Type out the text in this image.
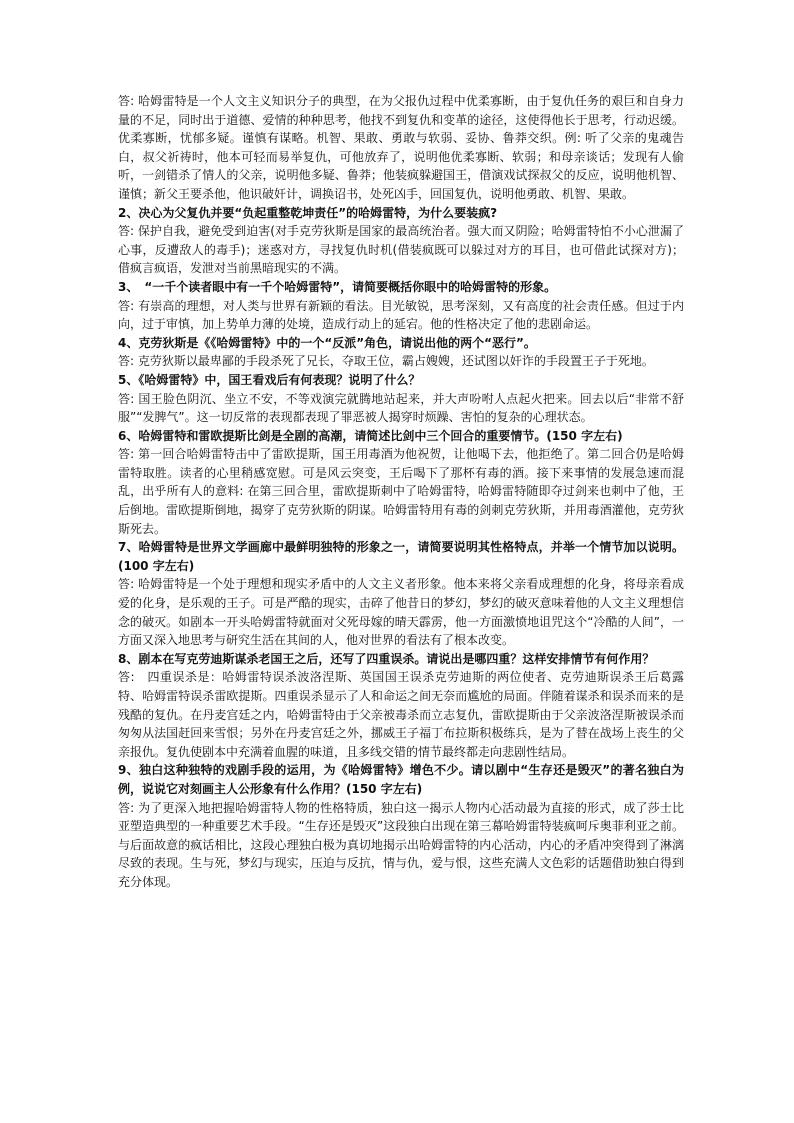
答: 哈姆雷特是一个人文主义知识分子的典型，在为父报仇过程中优柔寡断，由于复仇任务的艰巨和自身力量的不足，同时出于道德、爱情的种种思考，他找不到复仇和变革的途径，这使得他长于思考，行动迟缓。优柔寡断，忧郁多疑。谨慎有谋略。机智、果敢、勇敢与软弱、妥协、鲁莽交织。例: 听了父亲的鬼魂告白，叔父祈祷时，他本可轻而易举复仇，可他放弃了，说明他优柔寡断、软弱；和母亲谈话；发现有人偷听，一剑错杀了情人的父亲，说明他多疑、鲁莽；他装疯躲避国王，借演戏试探叔父的反应，说明他机智、谨慎；新父王要杀他，他识破奸计，调换诏书，处死凶手，回国复仇，说明他勇敢、机智、果敢。

2、决心为父复仇并要“负起重整乾坤责任”的哈姆雷特，为什么要装疯?

答: 保护自我，避免受到迫害(对手克劳狄斯是国家的最高统治者。强大而又阴险；哈姆雷特怕不小心泄漏了心事，反遭敌人的毒手)；迷惑对方，寻找复仇时机(借装疯既可以躲过对方的耳目，也可借此试探对方)；借疯言疯语，发泄对当前黑暗现实的不满。

3、　“一千个读者眼中有一千个哈姆雷特”，请简要概括你眼中的哈姆雷特的形象。

答: 有崇高的理想，对人类与世界有新颖的看法。目光敏锐，思考深刻，又有高度的社会责任感。但过于内向，过于审慎，加上势单力薄的处境，造成行动上的延宕。他的性格决定了他的悲剧命运。

4、克劳狄斯是《《哈姆雷特》中的一个“反派”角色，请说出他的两个“恶行”。

答: 克劳狄斯以最卑鄙的手段杀死了兄长，夺取王位，霸占嫂嫂，还试图以奸诈的手段置王子于死地。

5、《哈姆雷特》中，国王看戏后有何表现？说明了什么？

答: 国王脸色阴沉、坐立不安，不等戏演完就腾地站起来，并大声吩咐人点起火把来。回去以后“非常不舒服”“发脾气”。这一切反常的表现都表现了罪恶被人揭穿时烦躁、害怕的复杂的心理状态。

6、哈姆雷特和雷欧提斯比剑是全剧的高潮，请简述比剑中三个回合的重要情节。(150 字左右)

答: 第一回合哈姆雷特击中了雷欧提斯，国王用毒酒为他祝贺，让他喝下去，他拒绝了。第二回合仍是哈姆雷特取胜。读者的心里稍感宽慰。可是风云突变，王后喝下了那杯有毒的酒。接下来事情的发展急速而混乱，出乎所有人的意料: 在第三回合里，雷欧提斯刺中了哈姆雷特，哈姆雷特随即夺过剑来也刺中了他，王后倒地。雷欧提斯倒地，揭穿了克劳狄斯的阴谋。哈姆雷特用有毒的剑刺克劳狄斯，并用毒酒灌他，克劳狄斯死去。

7、哈姆雷特是世界文学画廊中最鲜明独特的形象之一，请简要说明其性格特点，并举一个情节加以说明。(100 字左右)

答: 哈姆雷特是一个处于理想和现实矛盾中的人文主义者形象。他本来将父亲看成理想的化身，将母亲看成爱的化身，是乐观的王子。可是严酷的现实，击碎了他昔日的梦幻，梦幻的破灭意味着他的人文主义理想信念的破灭。如剧本一开头哈姆雷特就面对父死母嫁的晴天霹雳，他一方面激愤地诅咒这个“冷酷的人间”，一方面又深入地思考与研究生活在其间的人，他对世界的看法有了根本改变。

8、剧本在写克劳迪斯谋杀老国王之后，还写了四重误杀。请说出是哪四重？这样安排情节有何作用？

答:　四重误杀是：哈姆雷特误杀波洛涅斯、英国国王误杀克劳迪斯的两位使者、克劳迪斯误杀王后葛露特、哈姆雷特误杀雷欧提斯。四重误杀显示了人和命运之间无奈而尴尬的局面。伴随着谋杀和误杀而来的是残酷的复仇。在丹麦宫廷之内，哈姆雷特由于父亲被毒杀而立志复仇，雷欧提斯由于父亲波洛涅斯被误杀而匆匆从法国赶回来雪恨；另外在丹麦宫廷之外，挪威王子福丁布拉斯积极练兵，是为了替在战场上丧生的父亲报仇。复仇使剧本中充满着血腥的味道，且多线交错的情节最终都走向悲剧性结局。

9、独白这种独特的戏剧手段的运用，为《哈姆雷特》增色不少。请以剧中“生存还是毁灭”的著名独白为例，说说它对刻画主人公形象有什么作用？(150 字左右)

答: 为了更深入地把握哈姆雷特人物的性格特质，独白这一揭示人物内心活动最为直接的形式，成了莎士比亚塑造典型的一种重要艺术手段。“生存还是毁灭”这段独白出现在第三幕哈姆雷特装疯呵斥奥菲利亚之前。与后面故意的疯话相比，这段心理独白极为真切地揭示出哈姆雷特的内心活动，内心的矛盾冲突得到了淋漓尽致的表现。生与死，梦幻与现实，压迫与反抗，情与仇，爱与恨，这些充满人文色彩的话题借助独白得到充分体现。
